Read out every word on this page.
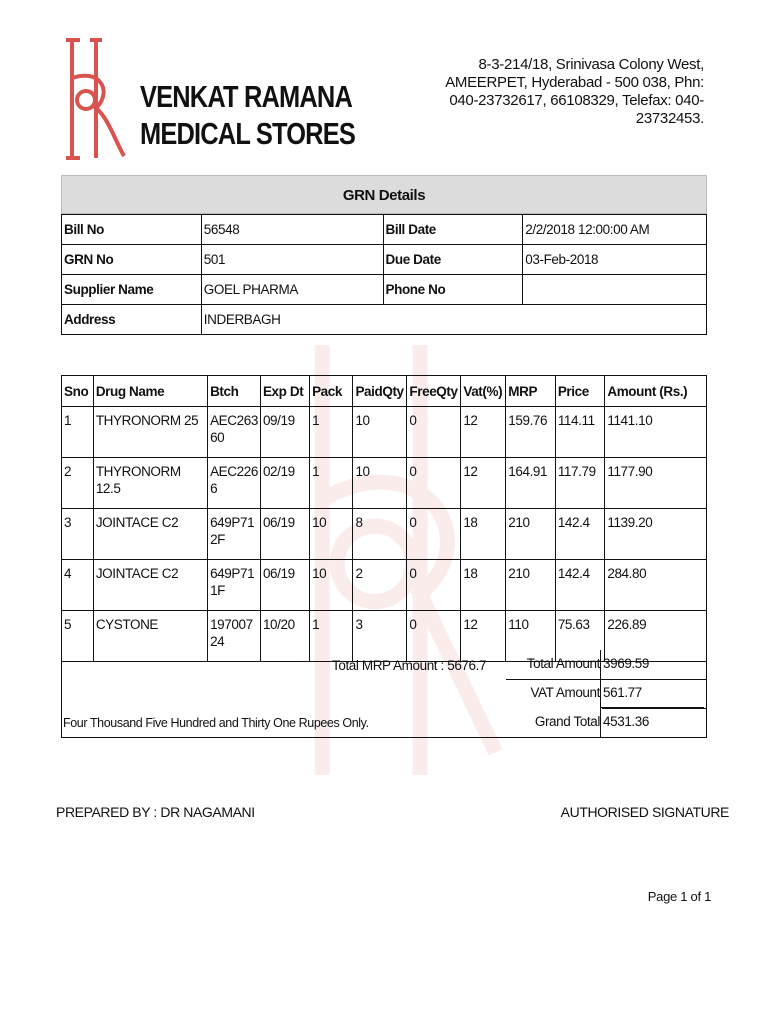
VENKAT RAMANA MEDICAL STORES
8-3-214/18, Srinivasa Colony West, AMEERPET, Hyderabad - 500 038, Phn: 040-23732617, 66108329, Telefax: 040-23732453.
GRN Details
Bill No	56548	Bill Date	2/2/2018 12:00:00 AM
GRN No	501	Due Date	03-Feb-2018
Supplier Name	GOEL PHARMA	Phone No	
Address	INDERBAGH		
Sno	Drug Name	Btch	Exp Dt	Pack	PaidQty	FreeQty	Vat(%)	MRP	Price	Amount (Rs.)
1	THYRONORM 25	AEC263 60	09/19	1	10	0	12	159.76	114.11	1141.10
2	THYRONORM 12.5	AEC226 6	02/19	1	10	0	12	164.91	117.79	1177.90
3	JOINTACE C2	649P71 2F	06/19	10	8	0	18	210	142.4	1139.20
4	JOINTACE C2	649P71 1F	06/19	10	2	0	18	210	142.4	284.80
5	CYSTONE	197007 24	10/20	1	3	0	12	110	75.63	226.89
Total MRP Amount : 5676.7	Total Amount 3969.59
VAT Amount 561.77
Grand Total 4531.36
Four Thousand Five Hundred and Thirty One Rupees Only.
PREPARED BY : DR NAGAMANI	AUTHORISED SIGNATURE
Page 1 of 1
